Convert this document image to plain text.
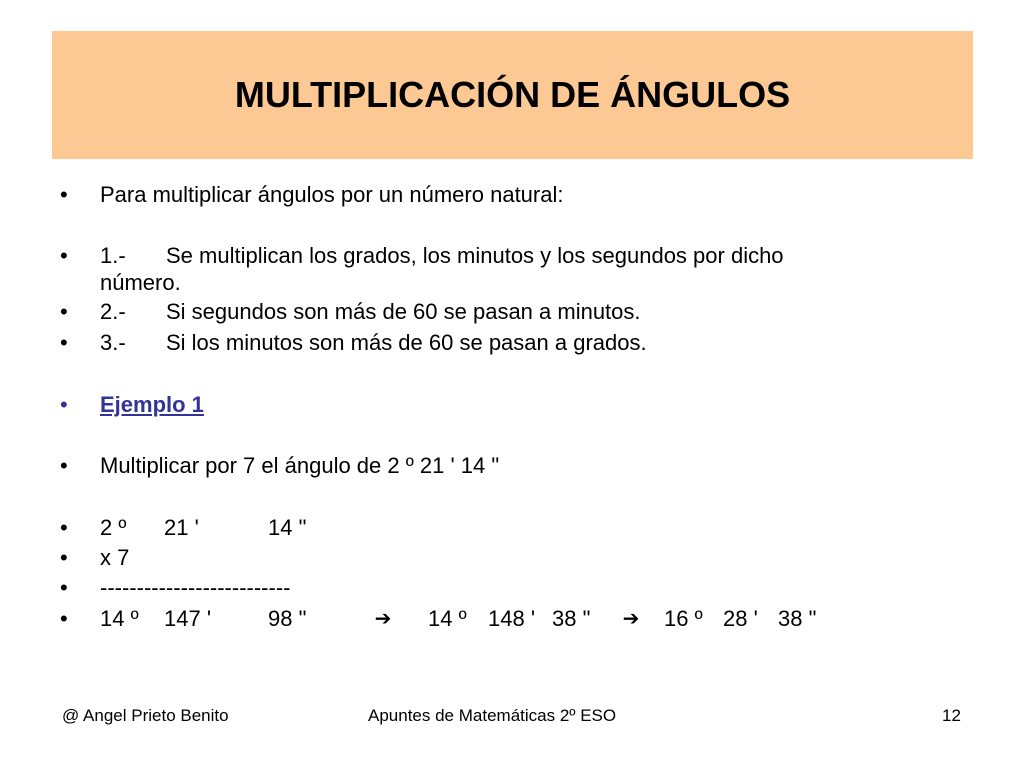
MULTIPLICACIÓN DE ÁNGULOS
•	Para multiplicar ángulos por un número natural:
•	1.-	Se multiplican los grados, los minutos y los segundos por dicho
número.
•	2.-	Si segundos son más de 60 se pasan a minutos.
•	3.-	Si los minutos son más de 60 se pasan a grados.
•	Ejemplo 1
•	Multiplicar por 7 el ángulo de 2 º 21 ' 14 "
•	2 º	21 '	14 "
•	x 7
•	--------------------------
•	14 º	147 '	98 "	➔	14 º 148 ' 38 "	➔	16 º 28 ' 38 "
@ Angel Prieto Benito	Apuntes de Matemáticas 2º ESO	12
